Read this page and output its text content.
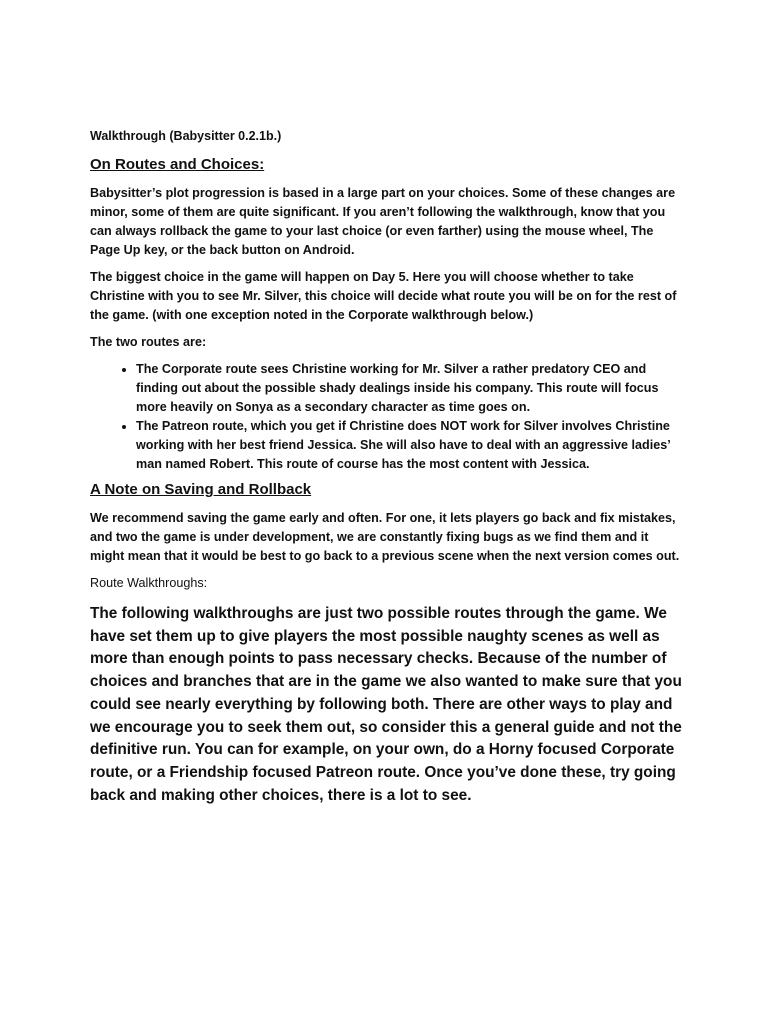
Walkthrough (Babysitter 0.2.1b.)
On Routes and Choices:

Babysitter’s plot progression is based in a large part on your choices. Some of these changes are minor, some of them are quite significant. If you aren’t following the walkthrough, know that you can always rollback the game to your last choice (or even farther) using the mouse wheel, The Page Up key, or the back button on Android.

The biggest choice in the game will happen on Day 5. Here you will choose whether to take Christine with you to see Mr. Silver, this choice will decide what route you will be on for the rest of the game. (with one exception noted in the Corporate walkthrough below.)

The two routes are:

• The Corporate route sees Christine working for Mr. Silver a rather predatory CEO and finding out about the possible shady dealings inside his company. This route will focus more heavily on Sonya as a secondary character as time goes on.
• The Patreon route, which you get if Christine does NOT work for Silver involves Christine working with her best friend Jessica. She will also have to deal with an aggressive ladies’ man named Robert. This route of course has the most content with Jessica.
A Note on Saving and Rollback

We recommend saving the game early and often. For one, it lets players go back and fix mistakes, and two the game is under development, we are constantly fixing bugs as we find them and it might mean that it would be best to go back to a previous scene when the next version comes out.

Route Walkthroughs:

The following walkthroughs are just two possible routes through the game. We have set them up to give players the most possible naughty scenes as well as more than enough points to pass necessary checks. Because of the number of choices and branches that are in the game we also wanted to make sure that you could see nearly everything by following both. There are other ways to play and we encourage you to seek them out, so consider this a general guide and not the definitive run. You can for example, on your own, do a Horny focused Corporate route, or a Friendship focused Patreon route. Once you’ve done these, try going back and making other choices, there is a lot to see.
